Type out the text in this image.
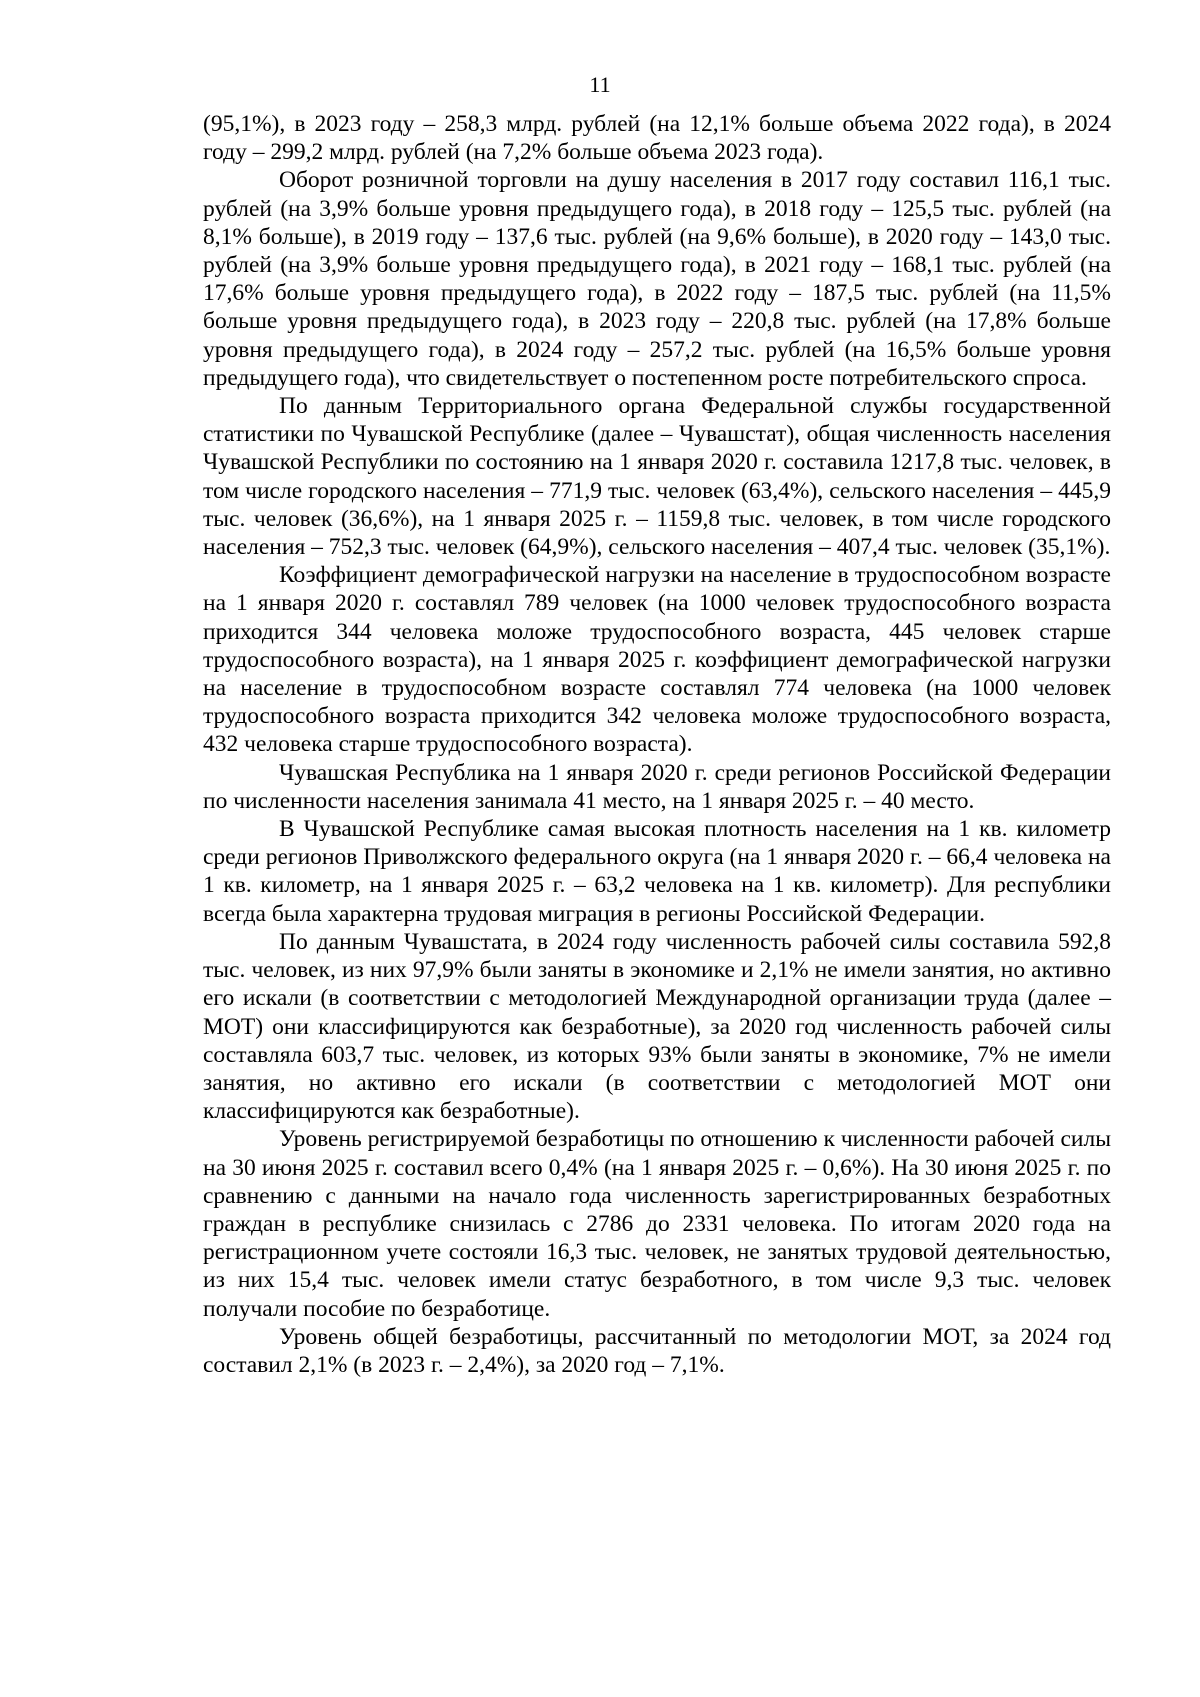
11

(95,1%), в 2023 году – 258,3 млрд. рублей (на 12,1% больше объема 2022 года), в 2024 году – 299,2 млрд. рублей (на 7,2% больше объема 2023 года).

Оборот розничной торговли на душу населения в 2017 году составил 116,1 тыс. рублей (на 3,9% больше уровня предыдущего года), в 2018 году – 125,5 тыс. рублей (на 8,1% больше), в 2019 году – 137,6 тыс. рублей (на 9,6% больше), в 2020 году – 143,0 тыс. рублей (на 3,9% больше уровня предыдущего года), в 2021 году – 168,1 тыс. рублей (на 17,6% больше уровня предыдущего года), в 2022 году – 187,5 тыс. рублей (на 11,5% больше уровня предыдущего года), в 2023 году – 220,8 тыс. рублей (на 17,8% больше уровня предыдущего года), в 2024 году – 257,2 тыс. рублей (на 16,5% больше уровня предыдущего года), что свидетельствует о постепенном росте потребительского спроса.

По данным Территориального органа Федеральной службы государственной статистики по Чувашской Республике (далее – Чувашстат), общая численность населения Чувашской Республики по состоянию на 1 января 2020 г. составила 1217,8 тыс. человек, в том числе городского населения – 771,9 тыс. человек (63,4%), сельского населения – 445,9 тыс. человек (36,6%), на 1 января 2025 г. – 1159,8 тыс. человек, в том числе городского населения – 752,3 тыс. человек (64,9%), сельского населения – 407,4 тыс. человек (35,1%).

Коэффициент демографической нагрузки на население в трудоспособном возрасте на 1 января 2020 г. составлял 789 человек (на 1000 человек трудоспособного возраста приходится 344 человека моложе трудоспособного возраста, 445 человек старше трудоспособного возраста), на 1 января 2025 г. коэффициент демографической нагрузки на население в трудоспособном возрасте составлял 774 человека (на 1000 человек трудоспособного возраста приходится 342 человека моложе трудоспособного возраста, 432 человека старше трудоспособного возраста).

Чувашская Республика на 1 января 2020 г. среди регионов Российской Федерации по численности населения занимала 41 место, на 1 января 2025 г. – 40 место.

В Чувашской Республике самая высокая плотность населения на 1 кв. километр среди регионов Приволжского федерального округа (на 1 января 2020 г. – 66,4 человека на 1 кв. километр, на 1 января 2025 г. – 63,2 человека на 1 кв. километр). Для республики всегда была характерна трудовая миграция в регионы Российской Федерации.

По данным Чувашстата, в 2024 году численность рабочей силы составила 592,8 тыс. человек, из них 97,9% были заняты в экономике и 2,1% не имели занятия, но активно его искали (в соответствии с методологией Международной организации труда (далее – МОТ) они классифицируются как безработные), за 2020 год численность рабочей силы составляла 603,7 тыс. человек, из которых 93% были заняты в экономике, 7% не имели занятия, но активно его искали (в соответствии с методологией МОТ они классифицируются как безработные).

Уровень регистрируемой безработицы по отношению к численности рабочей силы на 30 июня 2025 г. составил всего 0,4% (на 1 января 2025 г. – 0,6%). На 30 июня 2025 г. по сравнению с данными на начало года численность зарегистрированных безработных граждан в республике снизилась с 2786 до 2331 человека. По итогам 2020 года на регистрационном учете состояли 16,3 тыс. человек, не занятых трудовой деятельностью, из них 15,4 тыс. человек имели статус безработного, в том числе 9,3 тыс. человек получали пособие по безработице.

Уровень общей безработицы, рассчитанный по методологии МОТ, за 2024 год составил 2,1% (в 2023 г. – 2,4%), за 2020 год – 7,1%.
